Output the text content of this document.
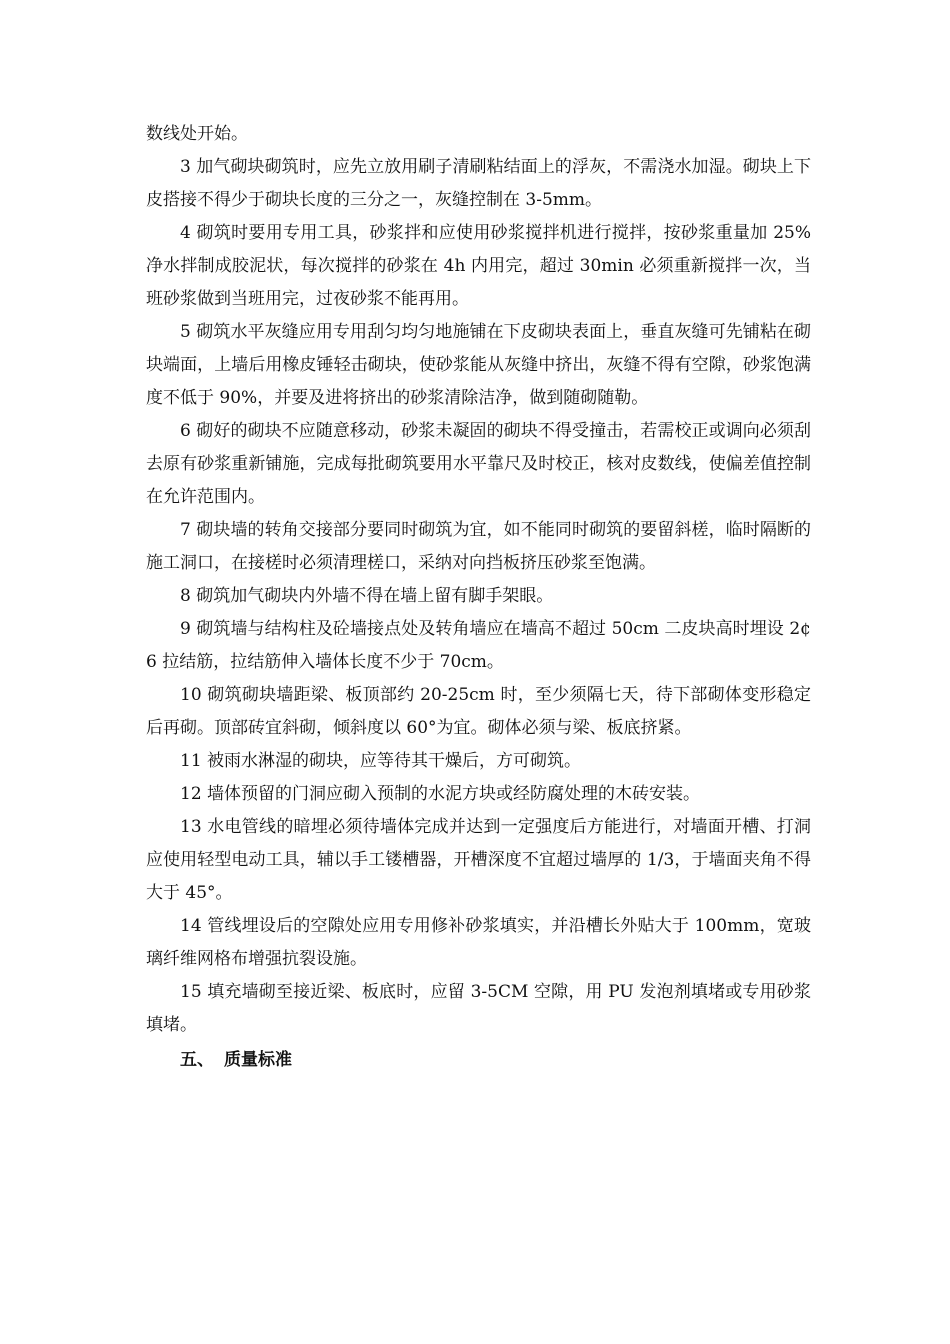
数线处开始。

3 加气砌块砌筑时，应先立放用刷子清刷粘结面上的浮灰，不需浇水加湿。砌块上下皮搭接不得少于砌块长度的三分之一，灰缝控制在 3-5mm。

4 砌筑时要用专用工具，砂浆拌和应使用砂浆搅拌机进行搅拌，按砂浆重量加 25%净水拌制成胶泥状，每次搅拌的砂浆在 4h 内用完，超过 30min 必须重新搅拌一次，当班砂浆做到当班用完，过夜砂浆不能再用。

5 砌筑水平灰缝应用专用刮匀均匀地施铺在下皮砌块表面上，垂直灰缝可先铺粘在砌块端面，上墙后用橡皮锤轻击砌块，使砂浆能从灰缝中挤出，灰缝不得有空隙，砂浆饱满度不低于 90%，并要及进将挤出的砂浆清除洁净，做到随砌随勒。

6 砌好的砌块不应随意移动，砂浆未凝固的砌块不得受撞击，若需校正或调向必须刮去原有砂浆重新铺施，完成每批砌筑要用水平靠尺及时校正，核对皮数线，使偏差值控制在允许范围内。

7 砌块墙的转角交接部分要同时砌筑为宜，如不能同时砌筑的要留斜槎，临时隔断的施工洞口，在接槎时必须清理槎口，采纳对向挡板挤压砂浆至饱满。

8 砌筑加气砌块内外墙不得在墙上留有脚手架眼。

9 砌筑墙与结构柱及砼墙接点处及转角墙应在墙高不超过 50cm 二皮块高时埋设 2¢6 拉结筋，拉结筋伸入墙体长度不少于 70cm。

10 砌筑砌块墙距梁、板顶部约 20-25cm 时，至少须隔七天，待下部砌体变形稳定后再砌。顶部砖宜斜砌，倾斜度以 60°为宜。砌体必须与梁、板底挤紧。

11 被雨水淋湿的砌块，应等待其干燥后，方可砌筑。

12 墙体预留的门洞应砌入预制的水泥方块或经防腐处理的木砖安装。

13 水电管线的暗埋必须待墙体完成并达到一定强度后方能进行，对墙面开槽、打洞应使用轻型电动工具，辅以手工镂槽器，开槽深度不宜超过墙厚的 1/3，于墙面夹角不得大于 45°。

14 管线埋设后的空隙处应用专用修补砂浆填实，并沿槽长外贴大于 100mm，宽玻璃纤维网格布增强抗裂设施。

15 填充墙砌至接近梁、板底时，应留 3-5CM 空隙，用 PU 发泡剂填堵或专用砂浆填堵。

五、 质量标准
